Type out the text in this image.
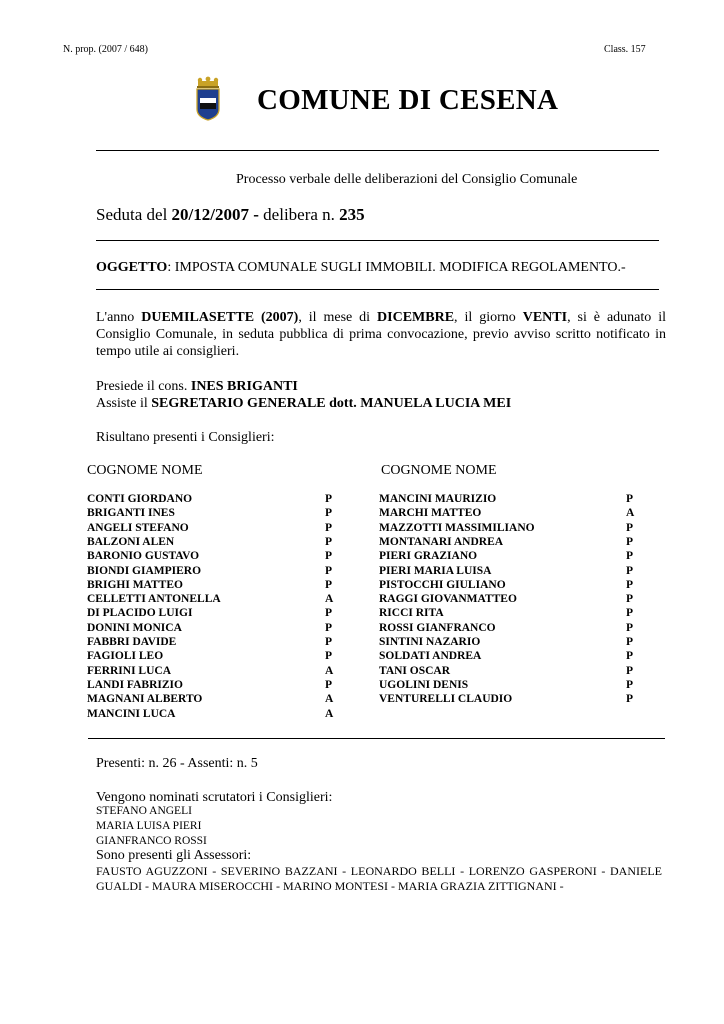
N. prop. (2007 / 648)	Class. 157
COMUNE DI CESENA
Processo verbale delle deliberazioni del Consiglio Comunale
Seduta del 20/12/2007 - delibera n. 235
OGGETTO: IMPOSTA COMUNALE SUGLI IMMOBILI. MODIFICA REGOLAMENTO.-
L'anno DUEMILASETTE (2007), il mese di DICEMBRE, il giorno VENTI, si è adunato il Consiglio Comunale, in seduta pubblica di prima convocazione, previo avviso scritto notificato in tempo utile ai consiglieri.
Presiede il cons. INES BRIGANTI
Assiste il SEGRETARIO GENERALE dott. MANUELA LUCIA MEI
Risultano presenti i Consiglieri:
COGNOME NOME	COGNOME NOME
CONTI GIORDANO	P
BRIGANTI INES	P
ANGELI STEFANO	P
BALZONI ALEN	P
BARONIO GUSTAVO	P
BIONDI GIAMPIERO	P
BRIGHI MATTEO	P
CELLETTI ANTONELLA	A
DI PLACIDO LUIGI	P
DONINI MONICA	P
FABBRI DAVIDE	P
FAGIOLI LEO	P
FERRINI LUCA	A
LANDI FABRIZIO	P
MAGNANI ALBERTO	A
MANCINI LUCA	A
MANCINI MAURIZIO	P
MARCHI MATTEO	A
MAZZOTTI MASSIMILIANO	P
MONTANARI ANDREA	P
PIERI GRAZIANO	P
PIERI MARIA LUISA	P
PISTOCCHI GIULIANO	P
RAGGI GIOVANMATTEO	P
RICCI RITA	P
ROSSI GIANFRANCO	P
SINTINI NAZARIO	P
SOLDATI ANDREA	P
TANI OSCAR	P
UGOLINI DENIS	P
VENTURELLI CLAUDIO	P
Presenti: n. 26 - Assenti: n. 5
Vengono nominati scrutatori i Consiglieri:
STEFANO ANGELI
MARIA LUISA PIERI
GIANFRANCO ROSSI
Sono presenti gli Assessori:
FAUSTO AGUZZONI - SEVERINO BAZZANI - LEONARDO BELLI - LORENZO GASPERONI - DANIELE GUALDI - MAURA MISEROCCHI - MARINO MONTESI - MARIA GRAZIA ZITTIGNANI -
